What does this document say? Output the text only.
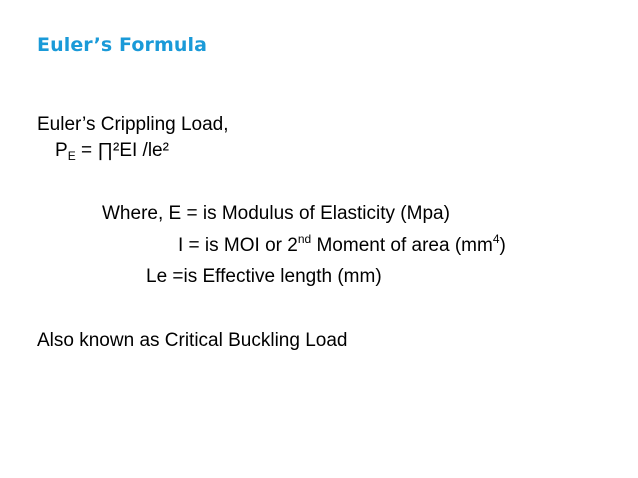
Euler’s Formula
Euler’s Crippling Load,
$P_E$ = ∏²EI /le²
Where, E = is Modulus of Elasticity (Mpa)
I = is MOI or 2nd Moment of area $(mm^4)$
Le =is Effective length (mm)
Also known as Critical Buckling Load
